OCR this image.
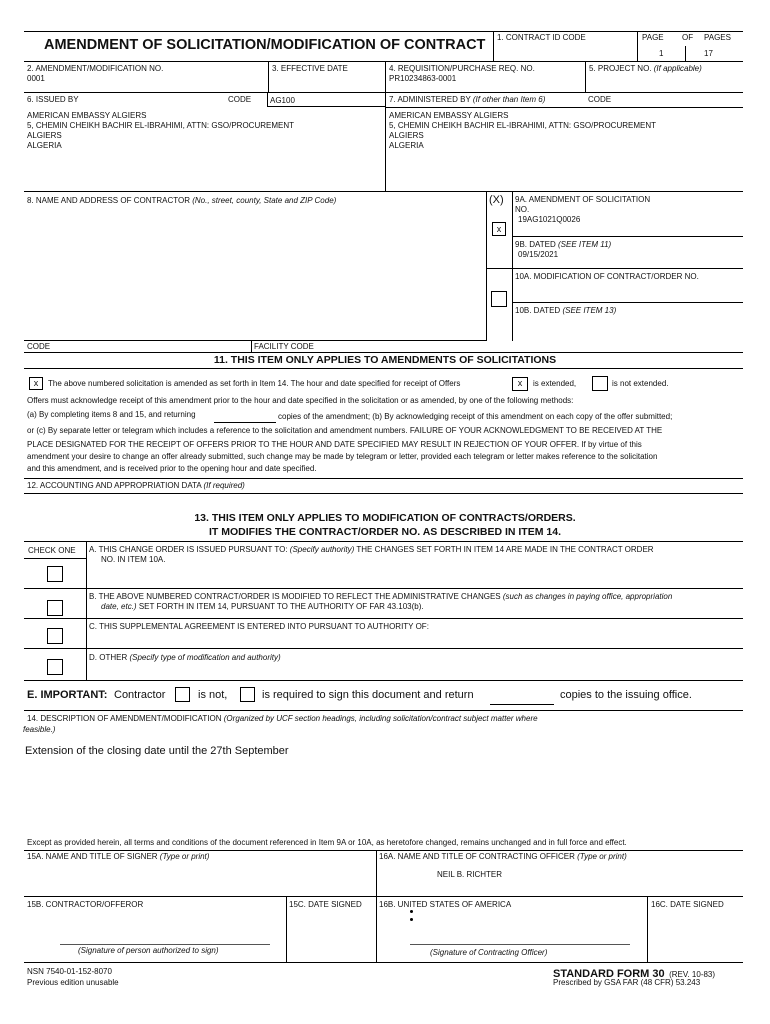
AMENDMENT OF SOLICITATION/MODIFICATION OF CONTRACT 1. CONTRACT ID CODE	PAGE OF PAGES
1	17
2. AMENDMENT/MODIFICATION NO.
0001
3. EFFECTIVE DATE	4. REQUISITION/PURCHASE REQ. NO.
PR10234863-0001
5. PROJECT NO. (If applicable)
6. ISSUED BY	CODE AG100
AMERICAN EMBASSY ALGIERS
5, CHEMIN CHEIKH BACHIR EL-IBRAHIMI, ATTN: GSO/PROCUREMENT
ALGIERS
ALGERIA
7. ADMINISTERED BY (If other than Item 6)	CODE
AMERICAN EMBASSY ALGIERS
5, CHEMIN CHEIKH BACHIR EL-IBRAHIMI, ATTN: GSO/PROCUREMENT
ALGIERS
ALGERIA
8. NAME AND ADDRESS OF CONTRACTOR (No., street, county, State and ZIP Code)	(X) 9A. AMENDMENT OF SOLICITATION
NO.
19AG1021Q0026
x
9B. DATED (SEE ITEM 11)
09/15/2021
10A. MODIFICATION OF CONTRACT/ORDER NO.
10B. DATED (SEE ITEM 13)
CODE	FACILITY CODE
11. THIS ITEM ONLY APPLIES TO AMENDMENTS OF SOLICITATIONS
x	The above numbered solicitation is amended as set forth in Item 14. The hour and date specified for receipt of Offers	x	is extended,	is not extended.
Offers must acknowledge receipt of this amendment prior to the hour and date specified in the solicitation or as amended, by one of the following methods:
(a) By completing items 8 and 15, and returning	copies of the amendment; (b) By acknowledging receipt of this amendment on each copy of the offer submitted;
or (c) By separate letter or telegram which includes a reference to the solicitation and amendment numbers. FAILURE OF YOUR ACKNOWLEDGMENT TO BE RECEIVED AT THE
PLACE DESIGNATED FOR THE RECEIPT OF OFFERS PRIOR TO THE HOUR AND DATE SPECIFIED MAY RESULT IN REJECTION OF YOUR OFFER. If by virtue of this
amendment your desire to change an offer already submitted, such change may be made by telegram or letter, provided each telegram or letter makes reference to the solicitation
and this amendment, and is received prior to the opening hour and date specified.
12. ACCOUNTING AND APPROPRIATION DATA (If required)
13. THIS ITEM ONLY APPLIES TO MODIFICATION OF CONTRACTS/ORDERS.
IT MODIFIES THE CONTRACT/ORDER NO. AS DESCRIBED IN ITEM 14.
CHECK ONE A. THIS CHANGE ORDER IS ISSUED PURSUANT TO: (Specify authority) THE CHANGES SET FORTH IN ITEM 14 ARE MADE IN THE CONTRACT ORDER
NO. IN ITEM 10A.
B. THE ABOVE NUMBERED CONTRACT/ORDER IS MODIFIED TO REFLECT THE ADMINISTRATIVE CHANGES (such as changes in paying office, appropriation
date, etc.) SET FORTH IN ITEM 14, PURSUANT TO THE AUTHORITY OF FAR 43.103(b).
C. THIS SUPPLEMENTAL AGREEMENT IS ENTERED INTO PURSUANT TO AUTHORITY OF:
D. OTHER (Specify type of modification and authority)
E. IMPORTANT: Contractor	is not,	is required to sign this document and return	copies to the issuing office.
14. DESCRIPTION OF AMENDMENT/MODIFICATION (Organized by UCF section headings, including solicitation/contract subject matter where
feasible.)
Extension of the closing date until the 27th September
Except as provided herein, all terms and conditions of the document referenced in Item 9A or 10A, as heretofore changed, remains unchanged and in full force and effect.
15A. NAME AND TITLE OF SIGNER (Type or print)	16A. NAME AND TITLE OF CONTRACTING OFFICER (Type or print)
NEIL B. RICHTER
15B. CONTRACTOR/OFFEROR	15C. DATE SIGNED 16B. UNITED STATES OF AMERICA	16C. DATE SIGNED
(Signature of person authorized to sign)	(Signature of Contracting Officer)
NSN 7540-01-152-8070
Previous edition unusable
STANDARD FORM 30 (REV. 10-83)
Prescribed by GSA FAR (48 CFR) 53.243
